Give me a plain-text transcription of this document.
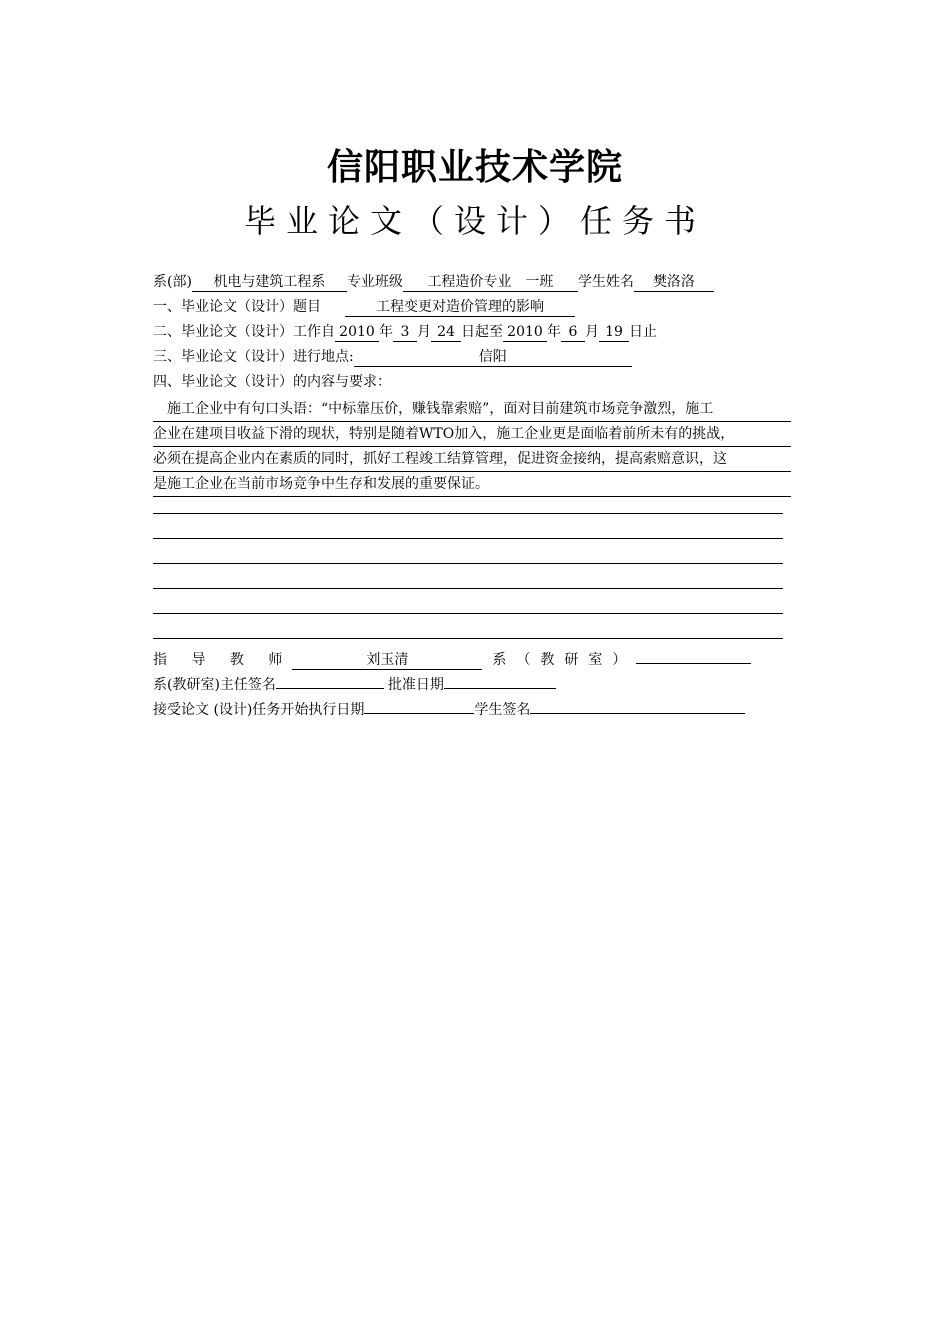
信阳职业技术学院
毕业论文（设计）任务书
系(部) 机电与建筑工程系 专业班级 工程造价专业　一班 学生姓名 樊洛洛
一、毕业论文（设计）题目	工程变更对造价管理的影响
二、毕业论文（设计）工作自 2010 年 3 月 24 日起至 2010 年 6 月 19 日止
三、毕业论文（设计）进行地点:	信阳
四、毕业论文（设计）的内容与要求：
　施工企业中有句口头语：“中标靠压价，赚钱靠索赔”，面对目前建筑市场竞争激烈，施工
企业在建项目收益下滑的现状，特别是随着WTO加入，施工企业更是面临着前所未有的挑战，
必须在提高企业内在素质的同时，抓好工程竣工结算管理，促进资金接纳，提高索赔意识，这
是施工企业在当前市场竞争中生存和发展的重要保证。
指 导 教 师	刘玉清	系（教研室）
系(教研室)主任签名	批准日期
接受论文 (设计)任务开始执行日期	学生签名
